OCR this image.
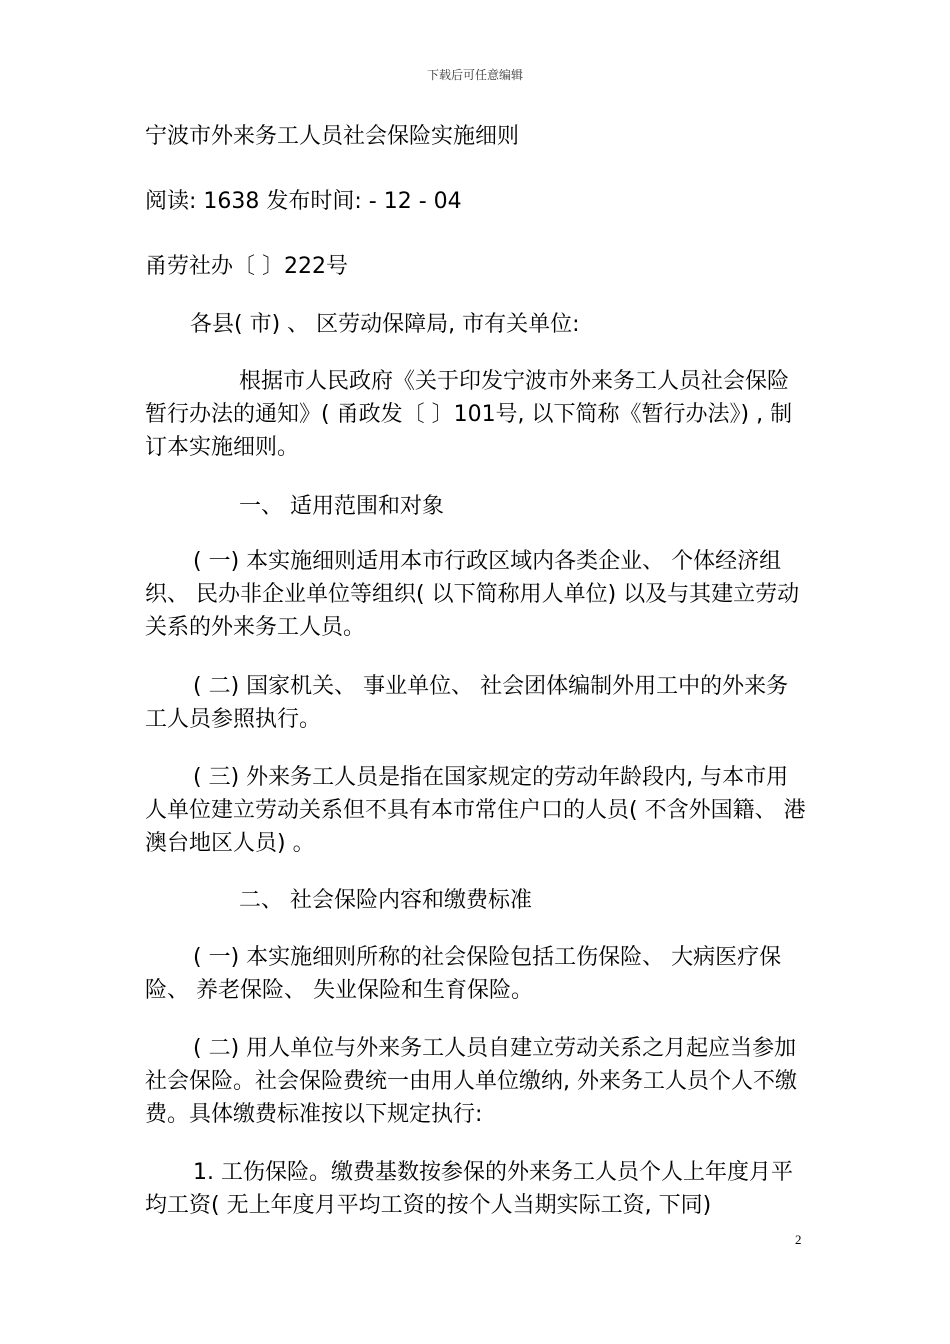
下载后可任意编辑
宁波市外来务工人员社会保险实施细则
阅读: 1638 发布时间: - 12 - 04
甬劳社办〔 〕222号
各县( 市) 、 区劳动保障局, 市有关单位:
根据市人民政府《关于印发宁波市外来务工人员社会保险暂行办法的通知》( 甬政发〔 〕101号, 以下简称《暂行办法》) , 制订本实施细则。
一、 适用范围和对象
( 一) 本实施细则适用本市行政区域内各类企业、 个体经济组织、 民办非企业单位等组织( 以下简称用人单位) 以及与其建立劳动关系的外来务工人员。
( 二) 国家机关、 事业单位、 社会团体编制外用工中的外来务工人员参照执行。
( 三) 外来务工人员是指在国家规定的劳动年龄段内, 与本市用人单位建立劳动关系但不具有本市常住户口的人员( 不含外国籍、 港澳台地区人员) 。
二、 社会保险内容和缴费标准
( 一) 本实施细则所称的社会保险包括工伤保险、 大病医疗保险、 养老保险、 失业保险和生育保险。
( 二) 用人单位与外来务工人员自建立劳动关系之月起应当参加社会保险。社会保险费统一由用人单位缴纳, 外来务工人员个人不缴费。具体缴费标准按以下规定执行:
1. 工伤保险。缴费基数按参保的外来务工人员个人上年度月平均工资( 无上年度月平均工资的按个人当期实际工资, 下同)
2
